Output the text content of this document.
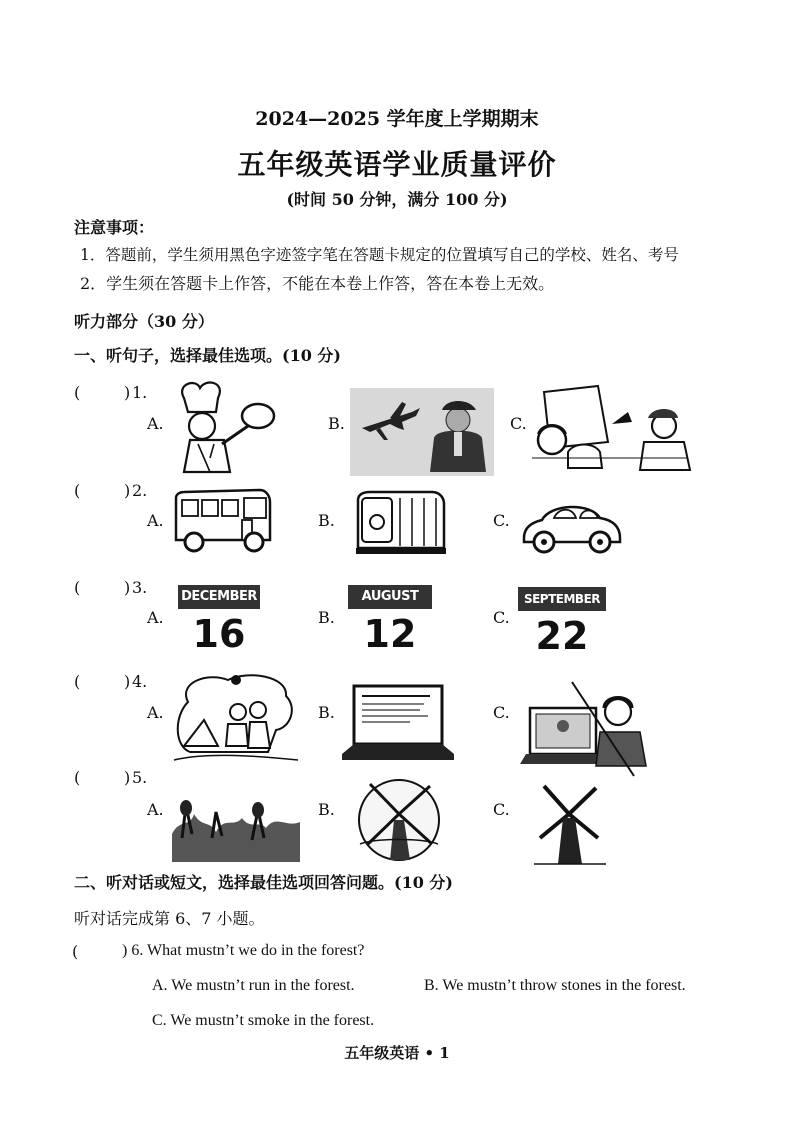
2024—2025 学年度上学期期末
五年级英语学业质量评价
(时间 50 分钟，满分 100 分)
注意事项：
1．答题前，学生须用黑色字迹签字笔在答题卡规定的位置填写自己的学校、姓名、考号
2．学生须在答题卡上作答，不能在本卷上作答，答在本卷上无效。
听力部分（30 分）
一、听句子，选择最佳选项。(10 分)
(	) 1.
A.	B.	C.
(	) 2.
A.	B.	C.
(	) 3.
A.	B.	C.
DECEMBER
16
AUGUST
12
SEPTEMBER
22
(	) 4.
A.	B.	C.
(	) 5.
A.	B.	C.
二、听对话或短文，选择最佳选项回答问题。(10 分)
听对话完成第 6、7 小题。
(	) 6. What mustn’t we do in the forest?
A. We mustn’t run in the forest.	B. We mustn’t throw stones in the forest.
C. We mustn’t smoke in the forest.
五年级英语 • 1
